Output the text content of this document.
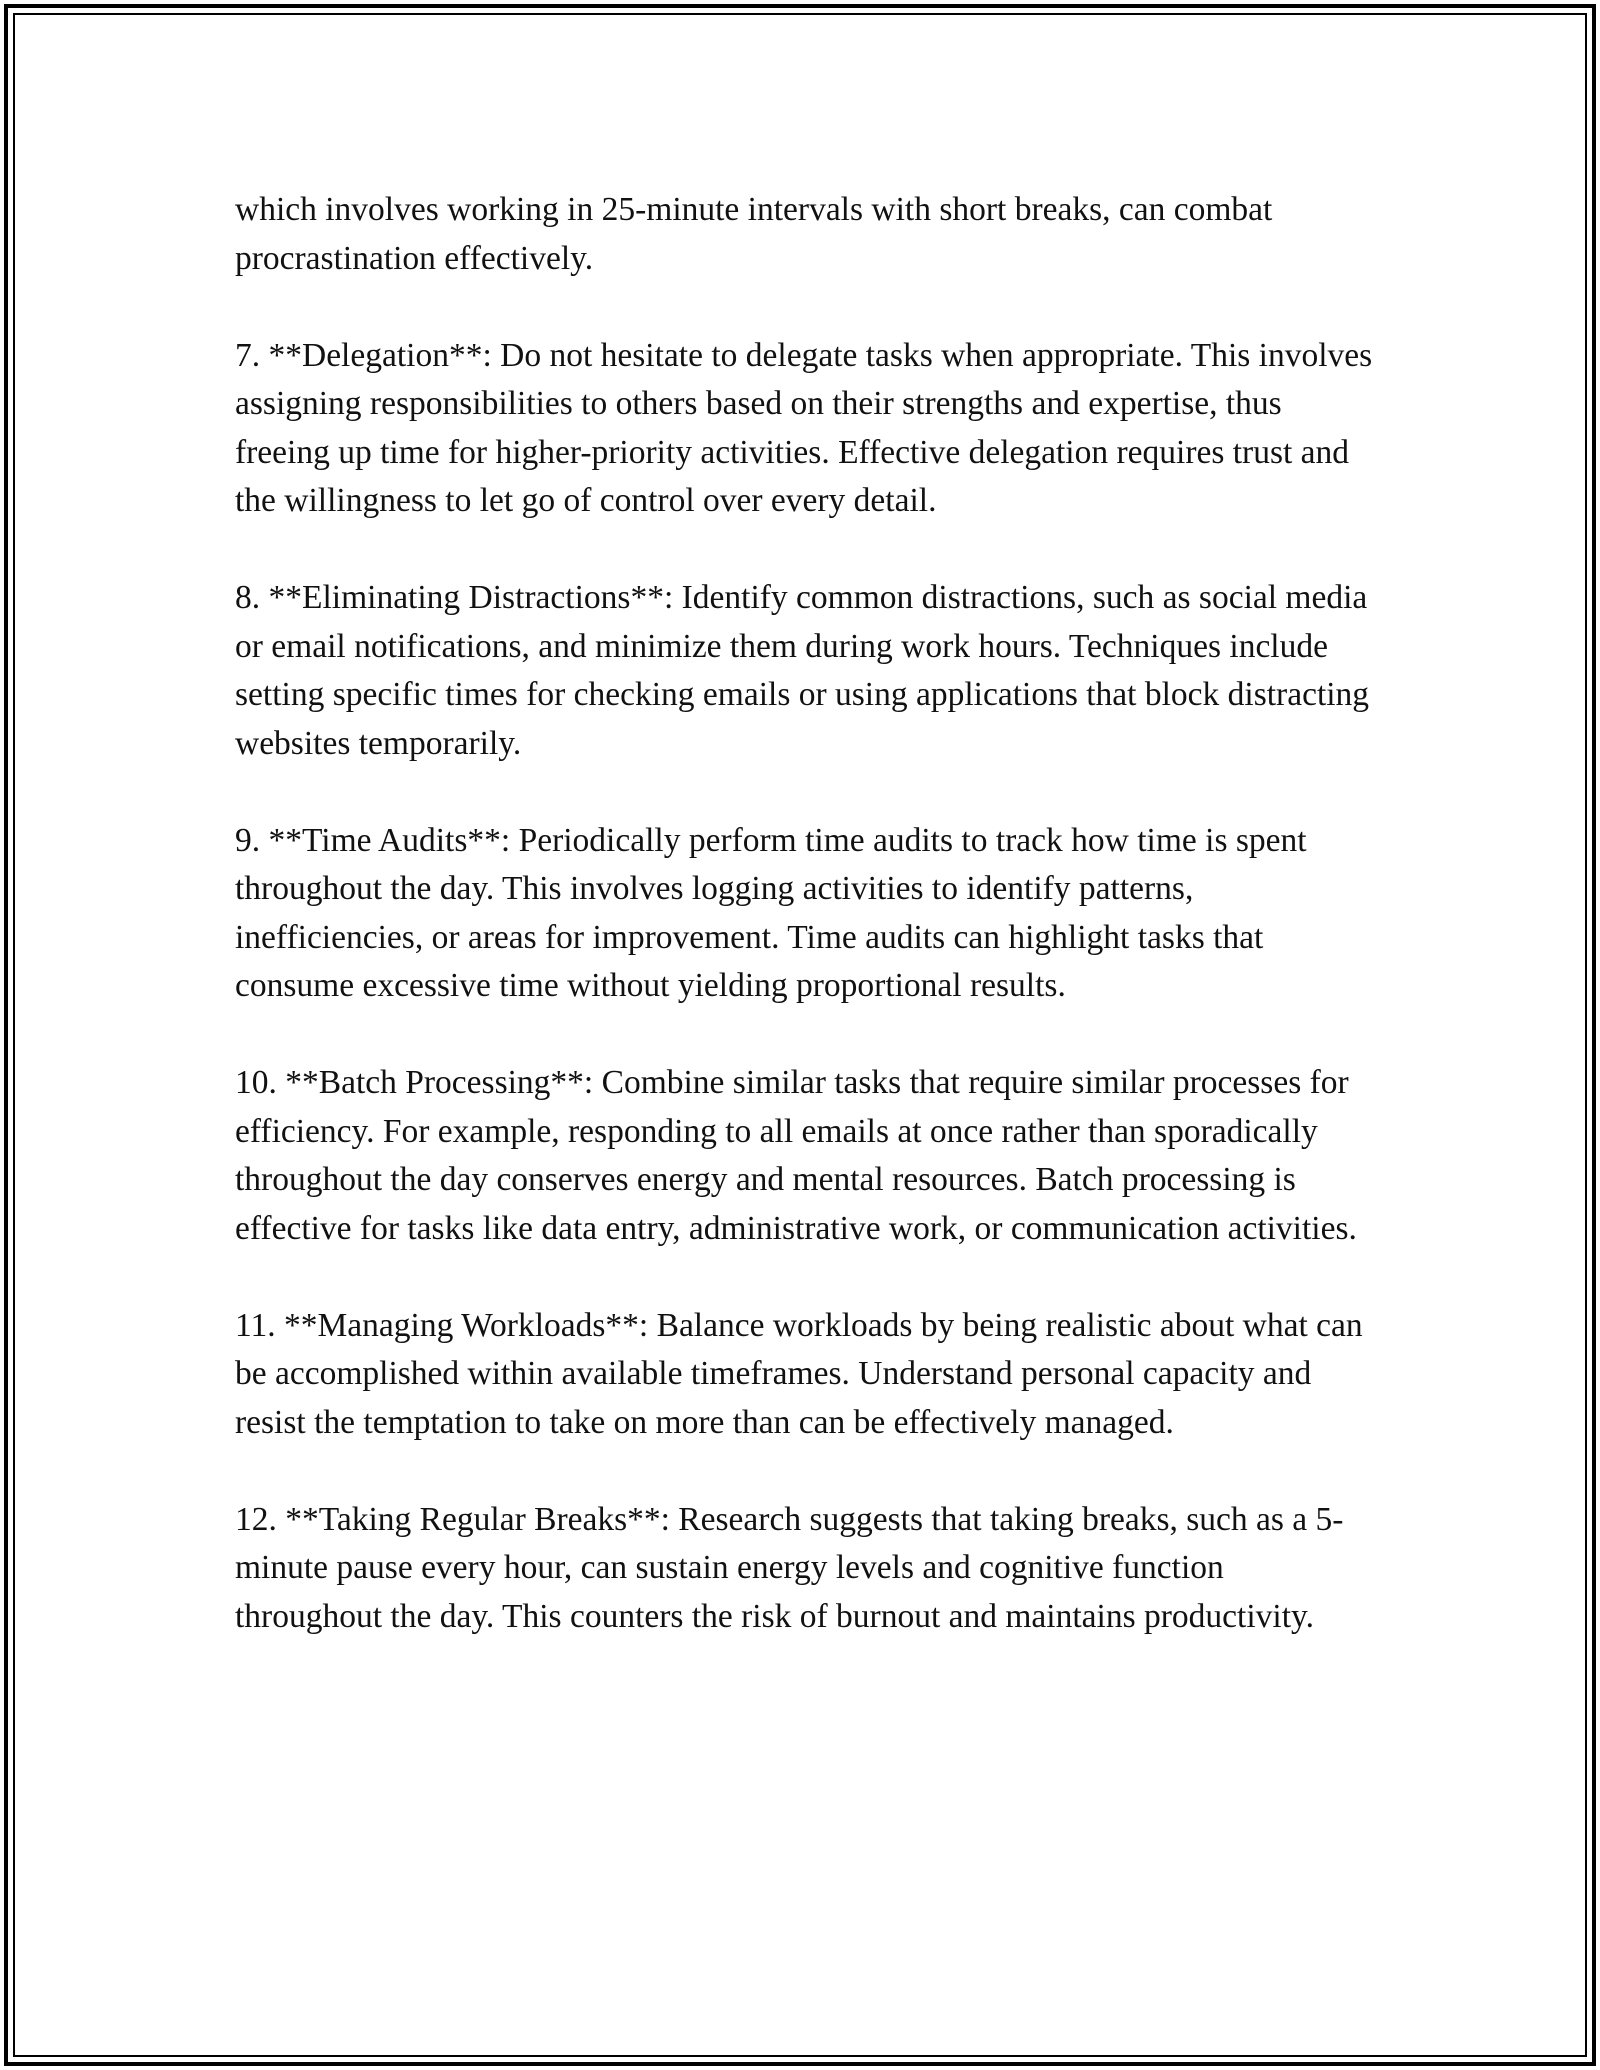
which involves working in 25-minute intervals with short breaks, can combat procrastination effectively.

7. **Delegation**: Do not hesitate to delegate tasks when appropriate. This involves assigning responsibilities to others based on their strengths and expertise, thus freeing up time for higher-priority activities. Effective delegation requires trust and the willingness to let go of control over every detail.

8. **Eliminating Distractions**: Identify common distractions, such as social media or email notifications, and minimize them during work hours. Techniques include setting specific times for checking emails or using applications that block distracting websites temporarily.

9. **Time Audits**: Periodically perform time audits to track how time is spent throughout the day. This involves logging activities to identify patterns, inefficiencies, or areas for improvement. Time audits can highlight tasks that consume excessive time without yielding proportional results.

10. **Batch Processing**: Combine similar tasks that require similar processes for efficiency. For example, responding to all emails at once rather than sporadically throughout the day conserves energy and mental resources. Batch processing is effective for tasks like data entry, administrative work, or communication activities.

11. **Managing Workloads**: Balance workloads by being realistic about what can be accomplished within available timeframes. Understand personal capacity and resist the temptation to take on more than can be effectively managed.

12. **Taking Regular Breaks**: Research suggests that taking breaks, such as a 5-minute pause every hour, can sustain energy levels and cognitive function throughout the day. This counters the risk of burnout and maintains productivity.
